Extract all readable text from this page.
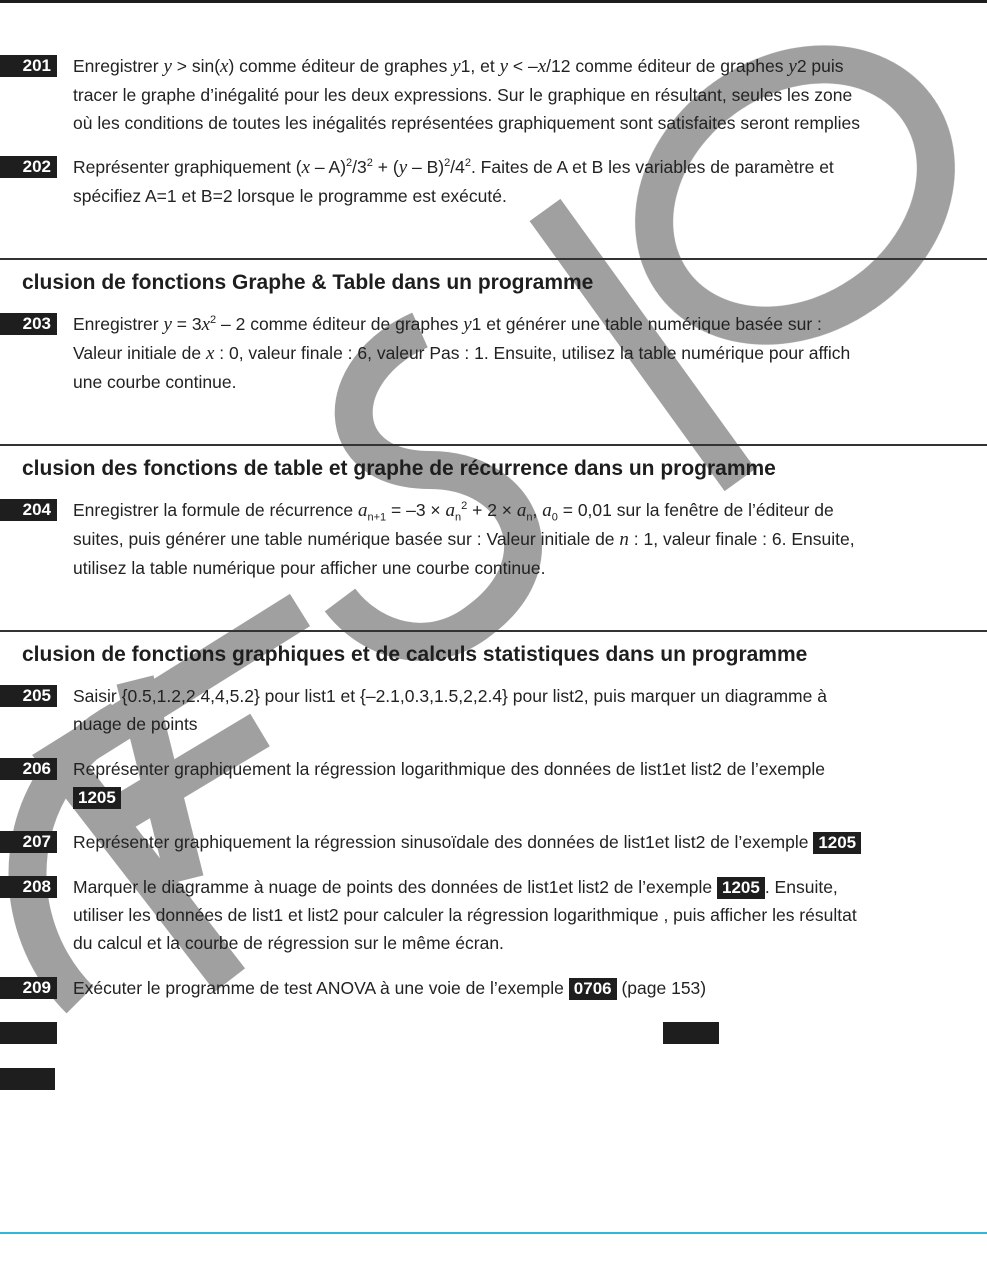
201	Enregistrer y > sin(x) comme éditeur de graphes y1, et y < –x/12 comme éditeur de graphes y2 puis
tracer le graphe d’inégalité pour les deux expressions. Sur le graphique en résultant, seules les zone
où les conditions de toutes les inégalités représentées graphiquement sont satisfaites seront remplies
202	Représenter graphiquement $(x - A)^2/3^2 + (y - B)^2/4^2$. Faites de A et B les variables de paramètre et
spécifiez A=1 et B=2 lorsque le programme est exécuté.
clusion de fonctions Graphe & Table dans un programme
203	Enregistrer $y = 3x^2 - 2$ comme éditeur de graphes y1 et générer une table numérique basée sur :
Valeur initiale de x : 0, valeur finale : 6, valeur Pas : 1. Ensuite, utilisez la table numérique pour affich
une courbe continue.
clusion des fonctions de table et graphe de récurrence dans un programme
204	Enregistrer la formule de récurrence $a_{n+1} = -3 \times a_n^2 + 2 \times a_n$, $a_0 = 0,01$ sur la fenêtre de l’éditeur de
suites, puis générer une table numérique basée sur : Valeur initiale de n : 1, valeur finale : 6. Ensuite,
utilisez la table numérique pour afficher une courbe continue.
clusion de fonctions graphiques et de calculs statistiques dans un programme
205	Saisir {0.5,1.2,2.4,4,5.2} pour list1 et {–2.1,0.3,1.5,2,2.4} pour list2, puis marquer un diagramme à
nuage de points
206	Représenter graphiquement la régression logarithmique des données de list1et list2 de l’exemple
1205
207	Représenter graphiquement la régression sinusoïdale des données de list1et list2 de l’exemple 1205
208	Marquer le diagramme à nuage de points des données de list1et list2 de l’exemple 1205 . Ensuite,
utiliser les données de list1 et list2 pour calculer la régression logarithmique , puis afficher les résultat
du calcul et la courbe de régression sur le même écran.
209	Exécuter le programme de test ANOVA à une voie de l’exemple 0706 (page 153)
